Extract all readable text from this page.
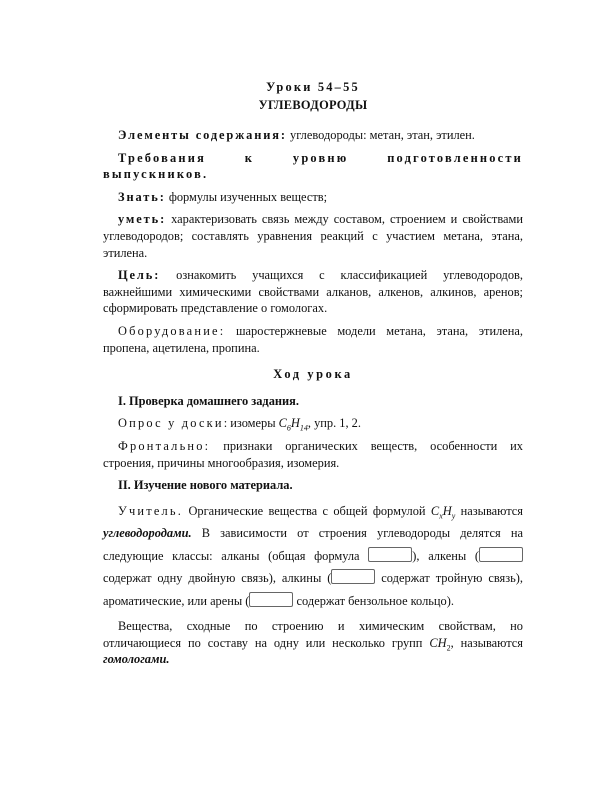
Уроки 54–55
УГЛЕВОДОРОДЫ

Элементы содержания: углеводороды: метан, этан, этилен.

Требования	к	уровню	подготовленности
выпускников.

Знать: формулы изученных веществ;

уметь: характеризовать связь между составом, строением и свойствами углеводородов; составлять уравнения реакций с участием метана, этана, этилена.

Цель: ознакомить учащихся с классификацией углеводородов, важнейшими химическими свойствами алканов, алкенов, алкинов, аренов; сформировать представление о гомологах.

Оборудование: шаростержневые модели метана, этана, этилена, пропена, ацетилена, пропина.

Ход урока

I. Проверка домашнего задания.

Опрос у доски: изомеры $C_6H_{14}$, упр. 1, 2.

Фронтально: признаки органических веществ, особенности их строения, причины многообразия, изомерия.

II. Изучение нового материала.

Учитель. Органические вещества с общей формулой $C_xH_y$ называются углеводородами. В зависимости от строения углеводороды делятся на следующие классы: алканы (общая формула	), алкены ( содержат одну двойную связь), алкины (	содержат тройную связь), ароматические, или арены (	содержат бензольное кольцо).

Вещества, сходные по строению и химическим свойствам, но отличающиеся по составу на одну или несколько групп $CH_2$, называются гомологами.
